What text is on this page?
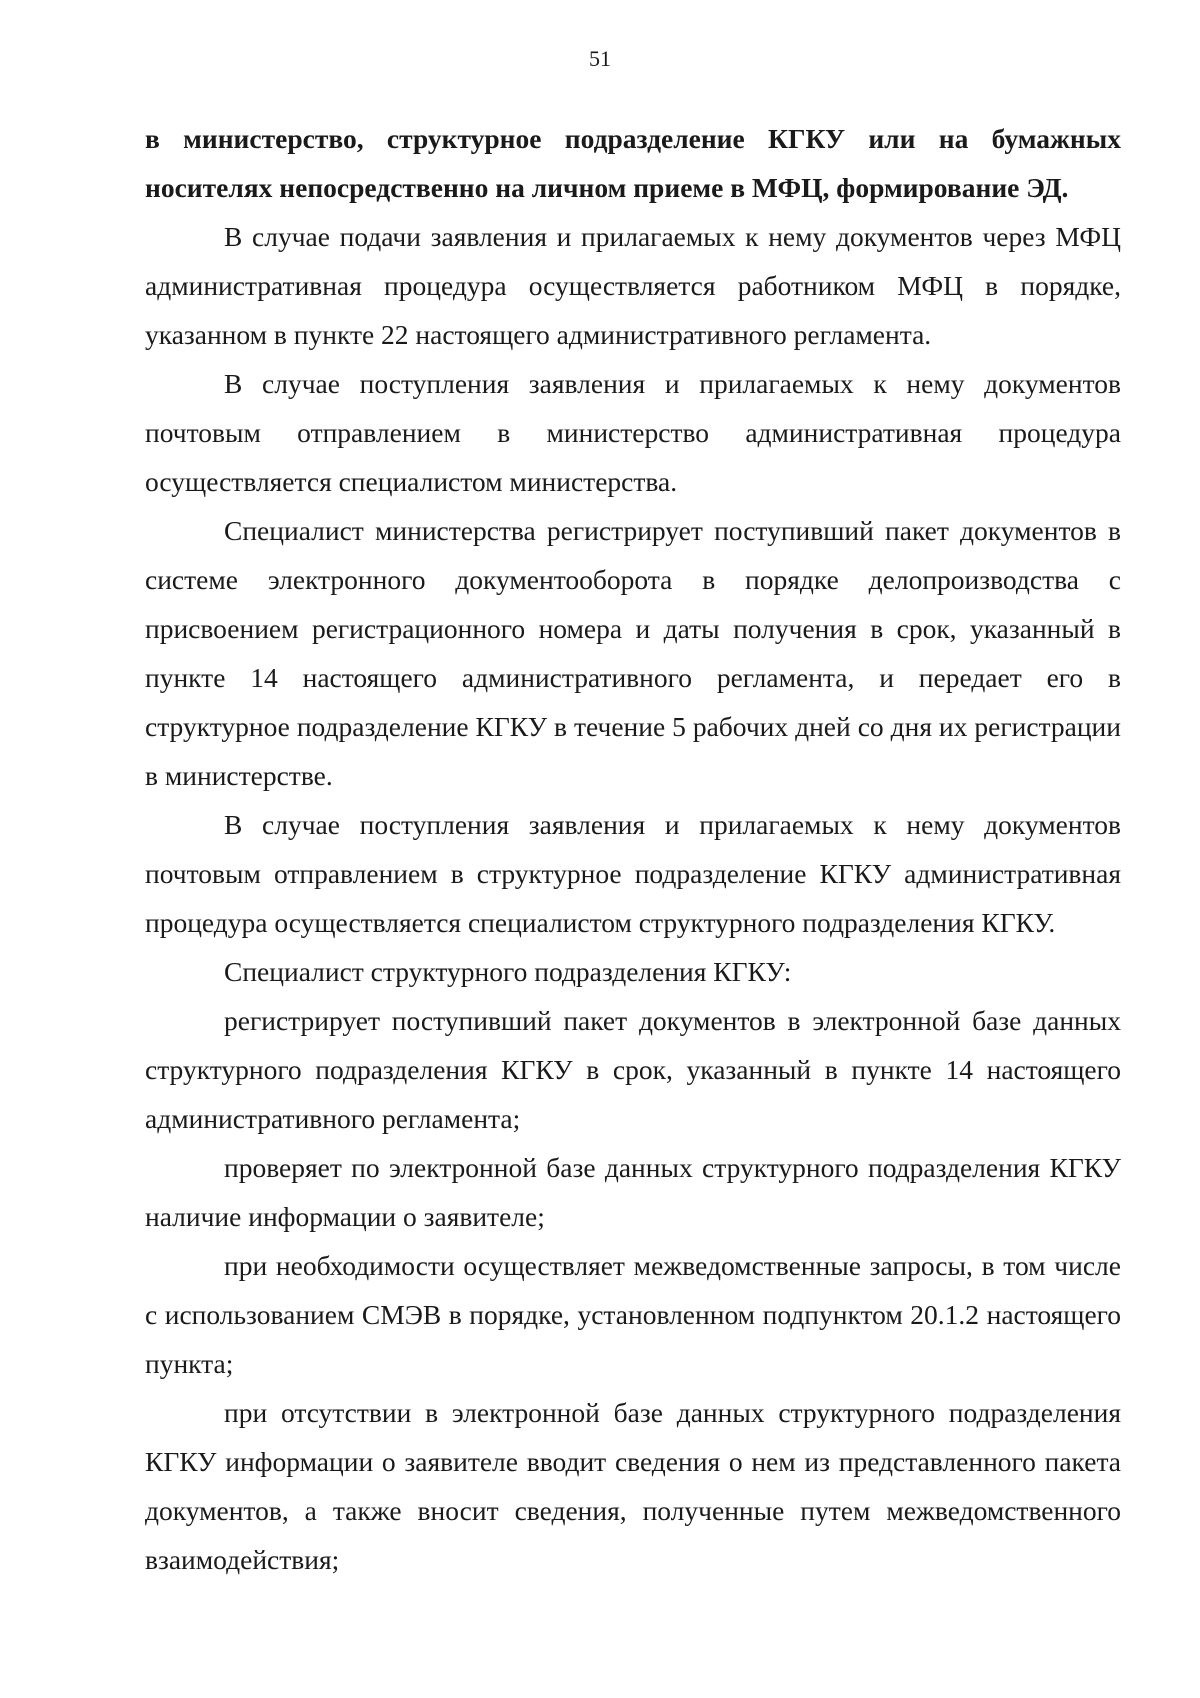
51

в министерство, структурное подразделение КГКУ или на бумажных носителях непосредственно на личном приеме в МФЦ, формирование ЭД.

В случае подачи заявления и прилагаемых к нему документов через МФЦ административная процедура осуществляется работником МФЦ в порядке, указанном в пункте 22 настоящего административного регламента.

В случае поступления заявления и прилагаемых к нему документов почтовым отправлением в министерство административная процедура осуществляется специалистом министерства.

Специалист министерства регистрирует поступивший пакет документов в системе электронного документооборота в порядке делопроизводства с присвоением регистрационного номера и даты получения в срок, указанный в пункте 14 настоящего административного регламента, и передает его в структурное подразделение КГКУ в течение 5 рабочих дней со дня их регистрации в министерстве.

В случае поступления заявления и прилагаемых к нему документов почтовым отправлением в структурное подразделение КГКУ административная процедура осуществляется специалистом структурного подразделения КГКУ.

Специалист структурного подразделения КГКУ:

регистрирует поступивший пакет документов в электронной базе данных структурного подразделения КГКУ в срок, указанный в пункте 14 настоящего административного регламента;

проверяет по электронной базе данных структурного подразделения КГКУ наличие информации о заявителе;

при необходимости осуществляет межведомственные запросы, в том числе с использованием СМЭВ в порядке, установленном подпунктом 20.1.2 настоящего пункта;

при отсутствии в электронной базе данных структурного подразделения КГКУ информации о заявителе вводит сведения о нем из представленного пакета документов, а также вносит сведения, полученные путем межведомственного взаимодействия;
